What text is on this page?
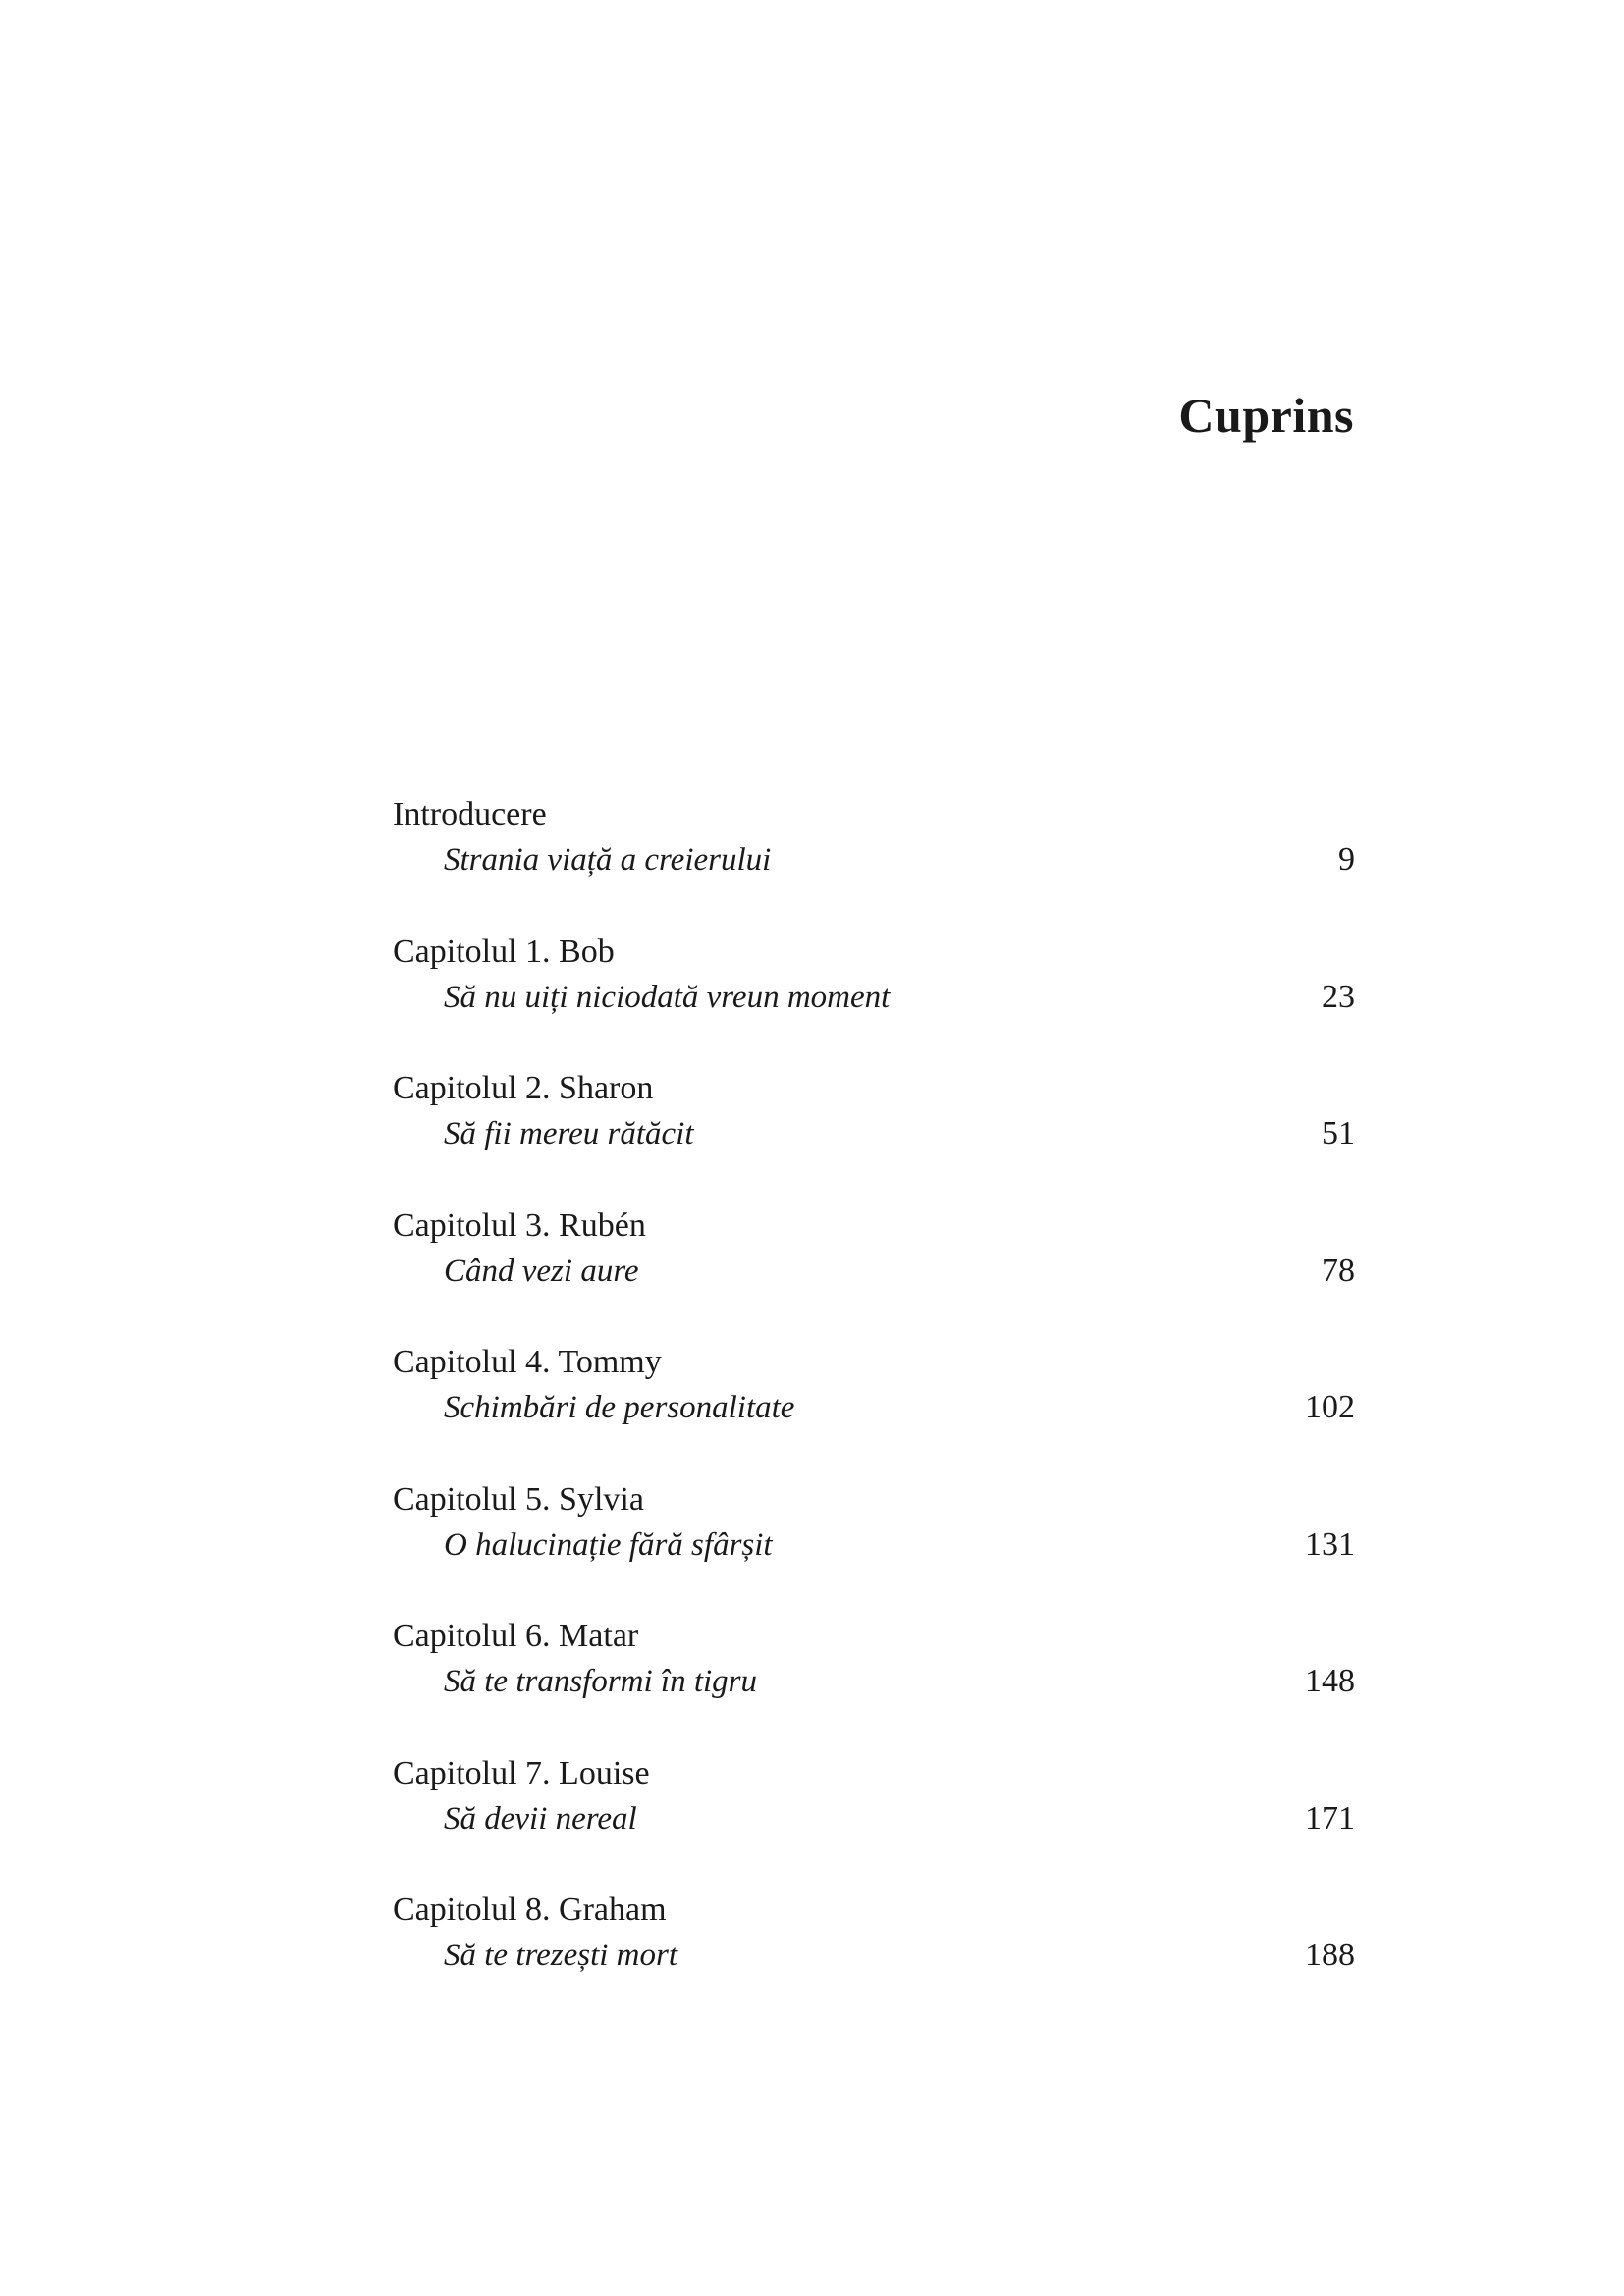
Cuprins
Introducere
Strania viață a creierului	9
Capitolul 1. Bob
Să nu uiți niciodată vreun moment	23
Capitolul 2. Sharon
Să fii mereu rătăcit	51
Capitolul 3. Rubén
Când vezi aure	78
Capitolul 4. Tommy
Schimbări de personalitate	102
Capitolul 5. Sylvia
O halucinație fără sfârșit	131
Capitolul 6. Matar
Să te transformi în tigru	148
Capitolul 7. Louise
Să devii nereal	171
Capitolul 8. Graham
Să te trezești mort	188
